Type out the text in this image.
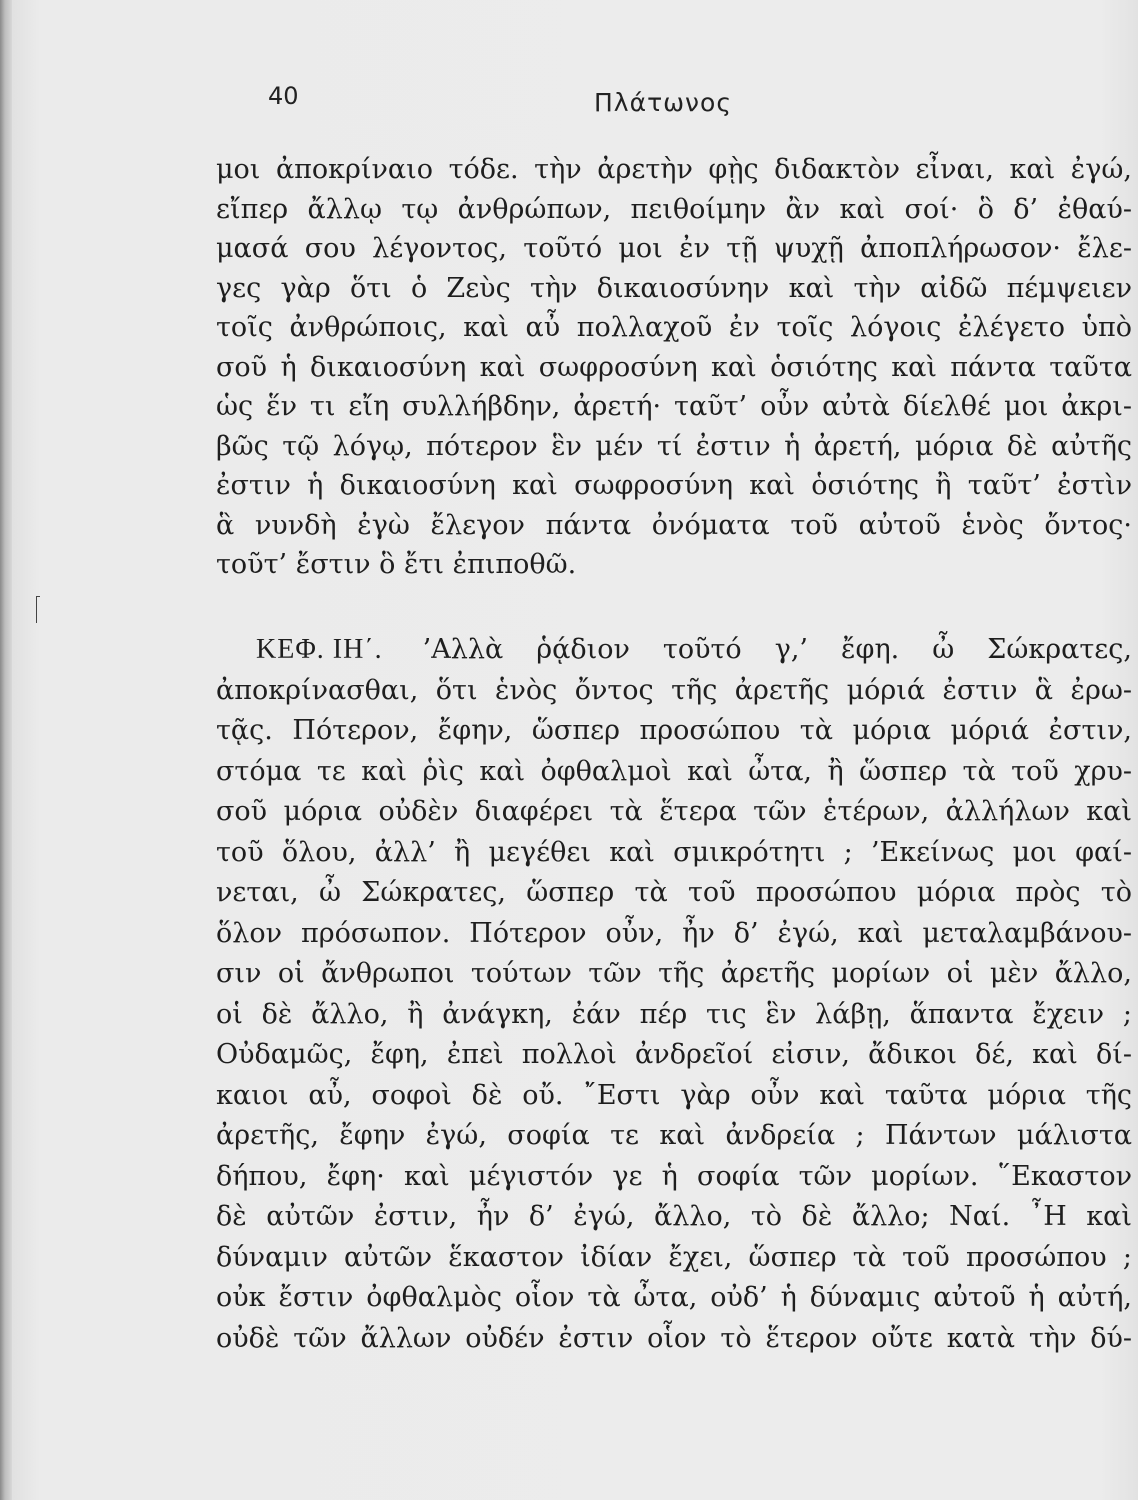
40	Πλάτωνος
μοι ἀποκρίναιο τόδε. τὴν ἀρετὴν φῂς διδακτὸν εἶναι, καὶ ἐγώ,
εἴπερ ἄλλῳ τῳ ἀνθρώπων, πειθοίμην ἂν καὶ σοί· ὃ δ’ ἐθαύ-
μασά σου λέγοντος, τοῦτό μοι ἐν τῇ ψυχῇ ἀποπλήρωσον· ἔλε-
γες γὰρ ὅτι ὁ Ζεὺς τὴν δικαιοσύνην καὶ τὴν αἰδῶ πέμψειεν
τοῖς ἀνθρώποις, καὶ αὖ πολλαχοῦ ἐν τοῖς λόγοις ἐλέγετο ὑπὸ
σοῦ ἡ δικαιοσύνη καὶ σωφροσύνη καὶ ὁσιότης καὶ πάντα ταῦτα
ὡς ἕν τι εἴη συλλήβδην, ἀρετή· ταῦτ’ οὖν αὐτὰ δίελθέ μοι ἀκρι-
βῶς τῷ λόγῳ, πότερον ἓν μέν τί ἐστιν ἡ ἀρετή, μόρια δὲ αὐτῆς
ἐστιν ἡ δικαιοσύνη καὶ σωφροσύνη καὶ ὁσιότης ἢ ταῦτ’ ἐστὶν
ἃ νυνδὴ ἐγὼ ἔλεγον πάντα ὀνόματα τοῦ αὐτοῦ ἑνὸς ὄντος·
τοῦτ’ ἔστιν ὃ ἔτι ἐπιποθῶ.
ΚΕΦ. ΙΗ΄. ’Αλλὰ ῥᾴδιον τοῦτό γ,’ ἔφη. ὦ Σώκρατες,
ἀποκρίνασθαι, ὅτι ἑνὸς ὄντος τῆς ἀρετῆς μόριά ἐστιν ἃ ἐρω-
τᾷς. Πότερον, ἔφην, ὥσπερ προσώπου τὰ μόρια μόριά ἐστιν,
στόμα τε καὶ ῥὶς καὶ ὀφθαλμοὶ καὶ ὦτα, ἢ ὥσπερ τὰ τοῦ χρυ-
σοῦ μόρια οὐδὲν διαφέρει τὰ ἕτερα τῶν ἑτέρων, ἀλλήλων καὶ
τοῦ ὅλου, ἀλλ’ ἢ μεγέθει καὶ σμικρότητι ; ’Εκείνως μοι φαί-
νεται, ὦ Σώκρατες, ὥσπερ τὰ τοῦ προσώπου μόρια πρὸς τὸ
ὅλον πρόσωπον. Πότερον οὖν, ἦν δ’ ἐγώ, καὶ μεταλαμβάνου-
σιν οἱ ἄνθρωποι τούτων τῶν τῆς ἀρετῆς μορίων οἱ μὲν ἄλλο,
οἱ δὲ ἄλλο, ἢ ἀνάγκη, ἐάν πέρ τις ἓν λάβῃ, ἅπαντα ἔχειν ;
Οὐδαμῶς, ἔφη, ἐπεὶ πολλοὶ ἀνδρεῖοί εἰσιν, ἄδικοι δέ, καὶ δί-
καιοι αὖ, σοφοὶ δὲ οὔ. ῎Εστι γὰρ οὖν καὶ ταῦτα μόρια τῆς
ἀρετῆς, ἔφην ἐγώ, σοφία τε καὶ ἀνδρεία ; Πάντων μάλιστα
δήπου, ἔφη· καὶ μέγιστόν γε ἡ σοφία τῶν μορίων. ῞Εκαστον
δὲ αὐτῶν ἐστιν, ἦν δ’ ἐγώ, ἄλλο, τὸ δὲ ἄλλο; Ναί. ῏Η καὶ
δύναμιν αὐτῶν ἕκαστον ἰδίαν ἔχει, ὥσπερ τὰ τοῦ προσώπου ;
οὐκ ἔστιν ὀφθαλμὸς οἷον τὰ ὦτα, οὐδ’ ἡ δύναμις αὐτοῦ ἡ αὐτή,
οὐδὲ τῶν ἄλλων οὐδέν ἐστιν οἷον τὸ ἕτερον οὔτε κατὰ τὴν δύ-
